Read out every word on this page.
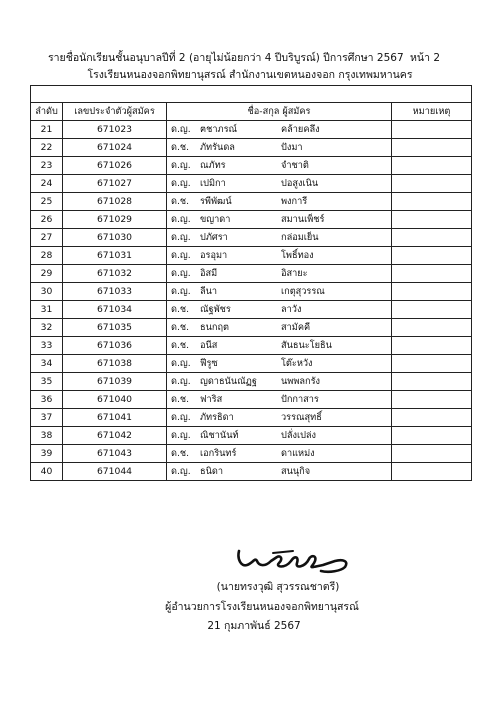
รายชื่อนักเรียนชั้นอนุบาลปีที่ 2 (อายุไม่น้อยกว่า 4 ปีบริบูรณ์) ปีการศึกษา 2567 หน้า 2
โรงเรียนหนองจอกพิทยานุสรณ์ สำนักงานเขตหนองจอก กรุงเทพมหานคร

ลำดับ	เลขประจำตัวผู้สมัคร	ชื่อ-สกุล ผู้สมัคร	หมายเหตุ
21	671023	ด.ญ. ฅชาภรณ์ คล้ายคลึง	

22	671024	ด.ช. ภัทรันดล ปังมา	

23	671026	ด.ญ. ณภัทร จำชาติ	

24	671027	ด.ญ. เปมิกา ปอสูงเนิน	

25	671028	ด.ช. รพีพัฒน์ พงการี	

26	671029	ด.ญ. ขญาดา สมานเพ็ชร์	

27	671030	ด.ญ. ปภัศรา กล่อมเย็น	

28	671031	ด.ญ. อรอุมา โพธิ์ทอง	

29	671032	ด.ญ. อิสมี อิสายะ	

30	671033	ด.ญ. ลีนา เกตุสุวรรณ	

31	671034	ด.ช. ณัฐพัชร ลาวัง	

32	671035	ด.ช. ธนกฤต สามัคคี	

33	671036	ด.ช. อนีส สันธนะโยธิน	

34	671038	ด.ญ. ฟีรูซ โต๊ะหวัง	

35	671039	ด.ญ. ญดาธนันณัฏฐ นพพลกรัง	

36	671040	ด.ช. ฟาริส ปักกาสาร	

37	671041	ด.ญ. ภัทรธิดา วรรณสุทธิ์	

38	671042	ด.ญ. ณิชานันท์ ปลั่งเปล่ง	

39	671043	ด.ช. เอกรินทร์ ดาแหม่ง	

40	671044	ด.ญ. ธนิดา สนนุกิจ	

(นายทรงวุฒิ สุวรรณชาตรี)
ผู้อำนวยการโรงเรียนหนองจอกพิทยานุสรณ์
21 กุมภาพันธ์ 2567
